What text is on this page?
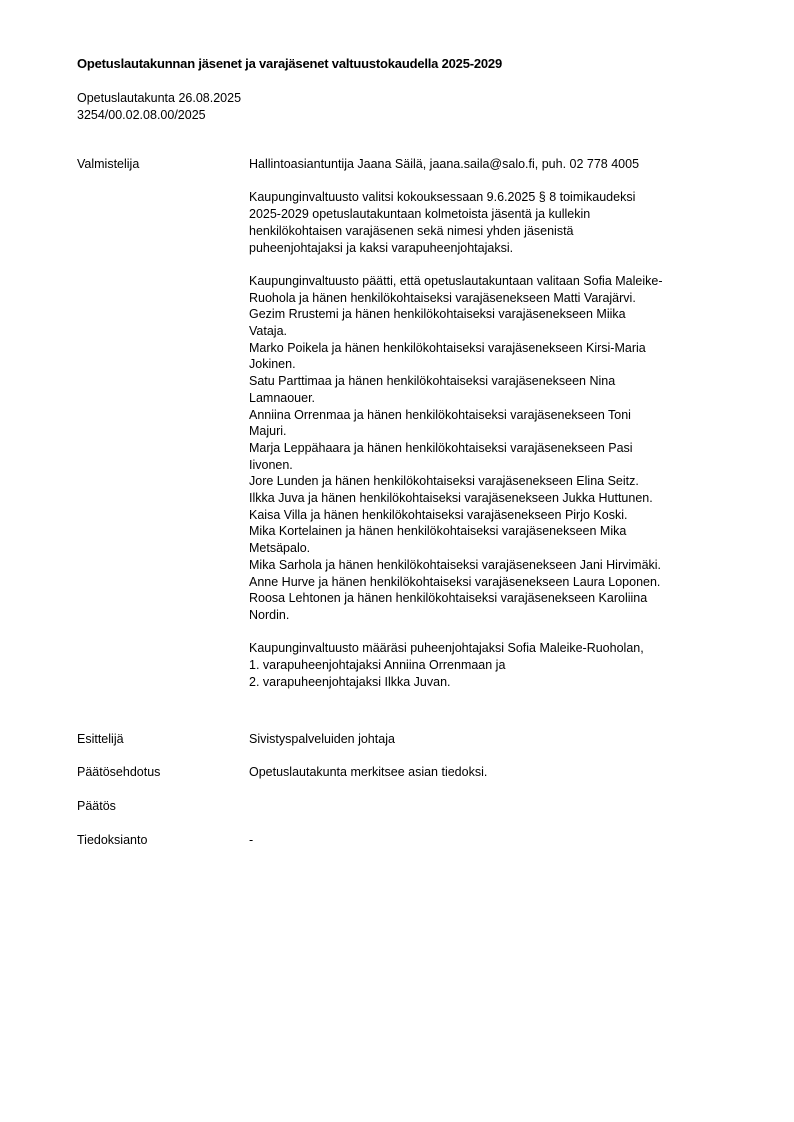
Opetuslautakunnan jäsenet ja varajäsenet valtuustokaudella 2025-2029
Opetuslautakunta 26.08.2025
3254/00.02.08.00/2025
Valmistelija	Hallintoasiantuntija Jaana Säilä, jaana.saila@salo.fi, puh. 02 778 4005
Kaupunginvaltuusto valitsi kokouksessaan 9.6.2025 § 8 toimikaudeksi
2025-2029 opetuslautakuntaan kolmetoista jäsentä ja kullekin
henkilökohtaisen varajäsenen sekä nimesi yhden jäsenistä
puheenjohtajaksi ja kaksi varapuheenjohtajaksi.
Kaupunginvaltuusto päätti, että opetuslautakuntaan valitaan Sofia Maleike-
Ruohola ja hänen henkilökohtaiseksi varajäsenekseen Matti Varajärvi.
Gezim Rrustemi ja hänen henkilökohtaiseksi varajäsenekseen Miika
Vataja.
Marko Poikela ja hänen henkilökohtaiseksi varajäsenekseen Kirsi-Maria
Jokinen.
Satu Parttimaa ja hänen henkilökohtaiseksi varajäsenekseen Nina
Lamnaouer.
Anniina Orrenmaa ja hänen henkilökohtaiseksi varajäsenekseen Toni
Majuri.
Marja Leppähaara ja hänen henkilökohtaiseksi varajäsenekseen Pasi
Iivonen.
Jore Lunden ja hänen henkilökohtaiseksi varajäsenekseen Elina Seitz.
Ilkka Juva ja hänen henkilökohtaiseksi varajäsenekseen Jukka Huttunen.
Kaisa Villa ja hänen henkilökohtaiseksi varajäsenekseen Pirjo Koski.
Mika Kortelainen ja hänen henkilökohtaiseksi varajäsenekseen Mika
Metsäpalo.
Mika Sarhola ja hänen henkilökohtaiseksi varajäsenekseen Jani Hirvimäki.
Anne Hurve ja hänen henkilökohtaiseksi varajäsenekseen Laura Loponen.
Roosa Lehtonen ja hänen henkilökohtaiseksi varajäsenekseen Karoliina
Nordin.
Kaupunginvaltuusto määräsi puheenjohtajaksi Sofia Maleike-Ruoholan,
1. varapuheenjohtajaksi Anniina Orrenmaan ja
2. varapuheenjohtajaksi Ilkka Juvan.
Esittelijä	Sivistyspalveluiden johtaja
Päätösehdotus	Opetuslautakunta merkitsee asian tiedoksi.
Päätös
Tiedoksianto	-
